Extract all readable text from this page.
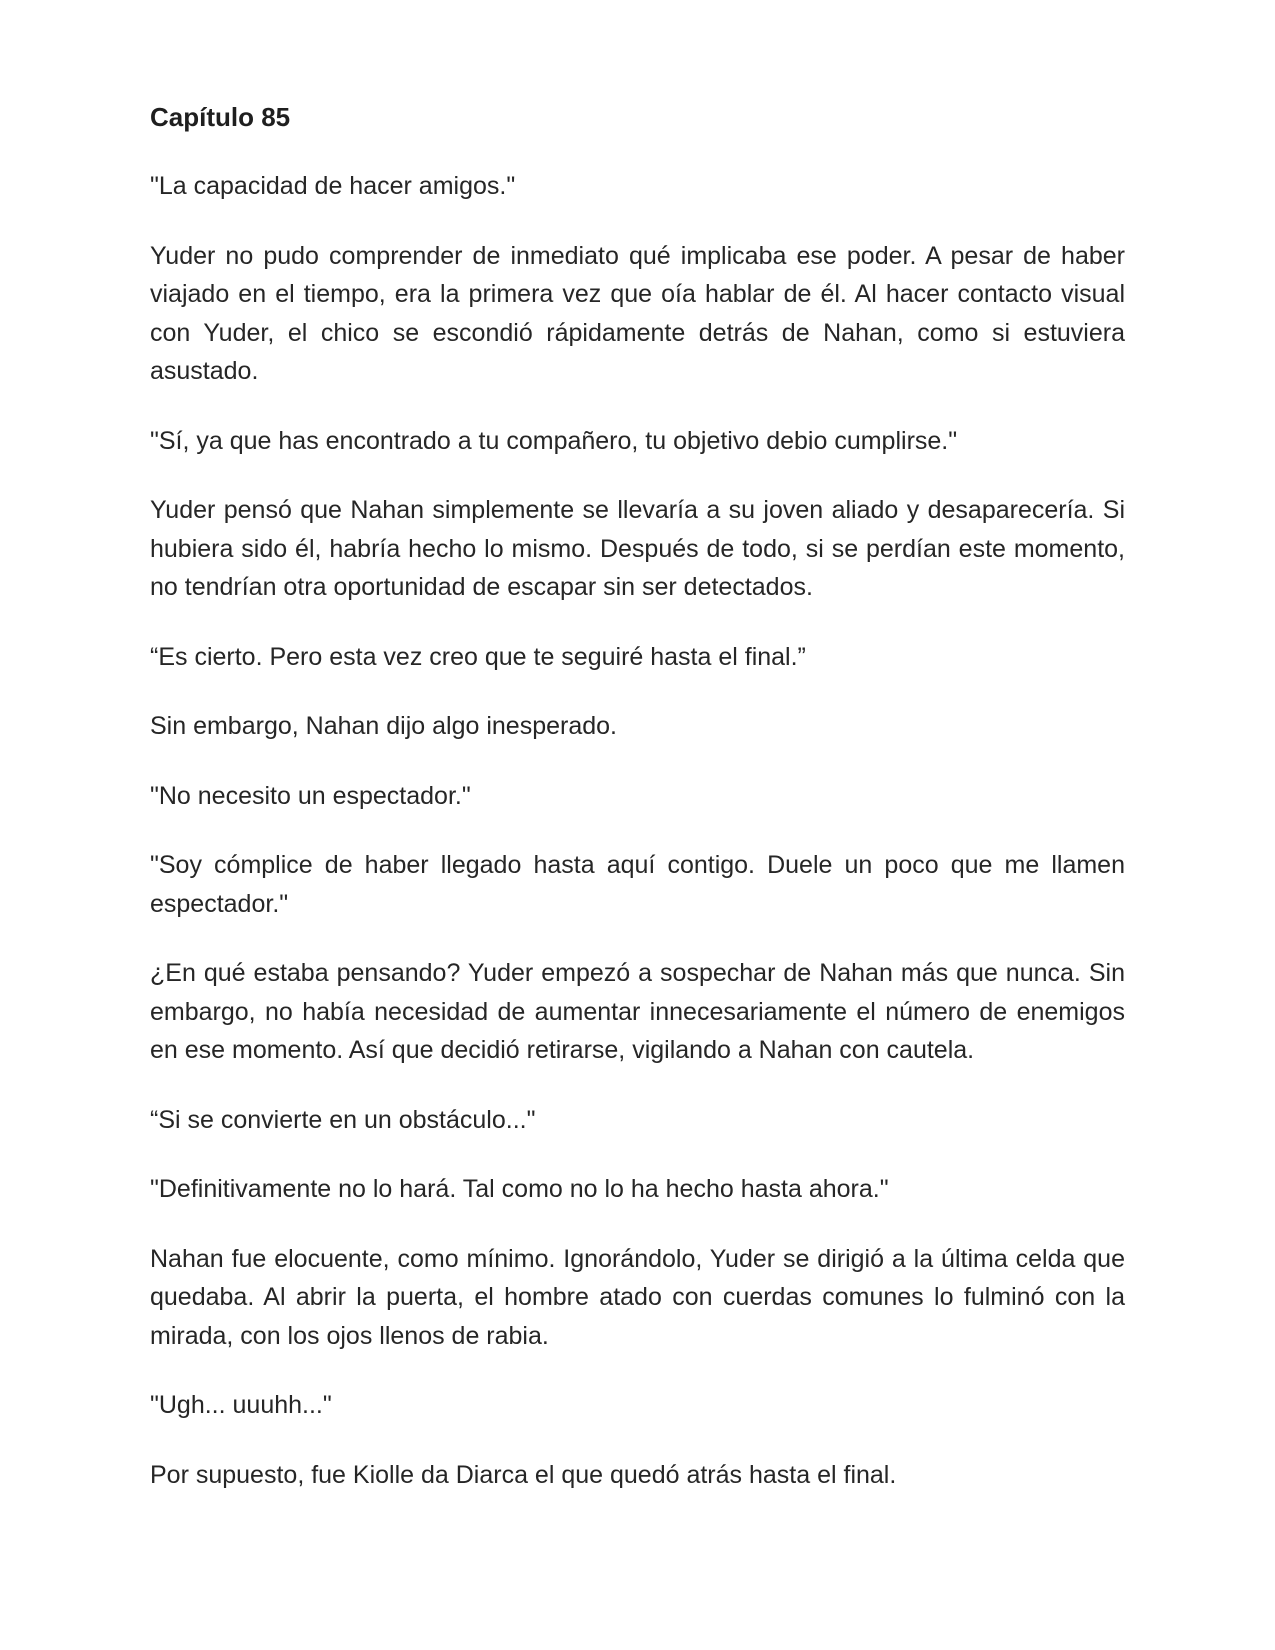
Capítulo 85

"La capacidad de hacer amigos."

Yuder no pudo comprender de inmediato qué implicaba ese poder. A pesar de haber viajado en el tiempo, era la primera vez que oía hablar de él. Al hacer contacto visual con Yuder, el chico se escondió rápidamente detrás de Nahan, como si estuviera asustado.

"Sí, ya que has encontrado a tu compañero, tu objetivo debio cumplirse."

Yuder pensó que Nahan simplemente se llevaría a su joven aliado y desaparecería. Si hubiera sido él, habría hecho lo mismo. Después de todo, si se perdían este momento, no tendrían otra oportunidad de escapar sin ser detectados.

“Es cierto. Pero esta vez creo que te seguiré hasta el final.”

Sin embargo, Nahan dijo algo inesperado.

"No necesito un espectador."

"Soy cómplice de haber llegado hasta aquí contigo. Duele un poco que me llamen espectador."

¿En qué estaba pensando? Yuder empezó a sospechar de Nahan más que nunca. Sin embargo, no había necesidad de aumentar innecesariamente el número de enemigos en ese momento. Así que decidió retirarse, vigilando a Nahan con cautela.

“Si se convierte en un obstáculo..."

"Definitivamente no lo hará. Tal como no lo ha hecho hasta ahora."

Nahan fue elocuente, como mínimo. Ignorándolo, Yuder se dirigió a la última celda que quedaba. Al abrir la puerta, el hombre atado con cuerdas comunes lo fulminó con la mirada, con los ojos llenos de rabia.

"Ugh... uuuhh..."

Por supuesto, fue Kiolle da Diarca el que quedó atrás hasta el final.
